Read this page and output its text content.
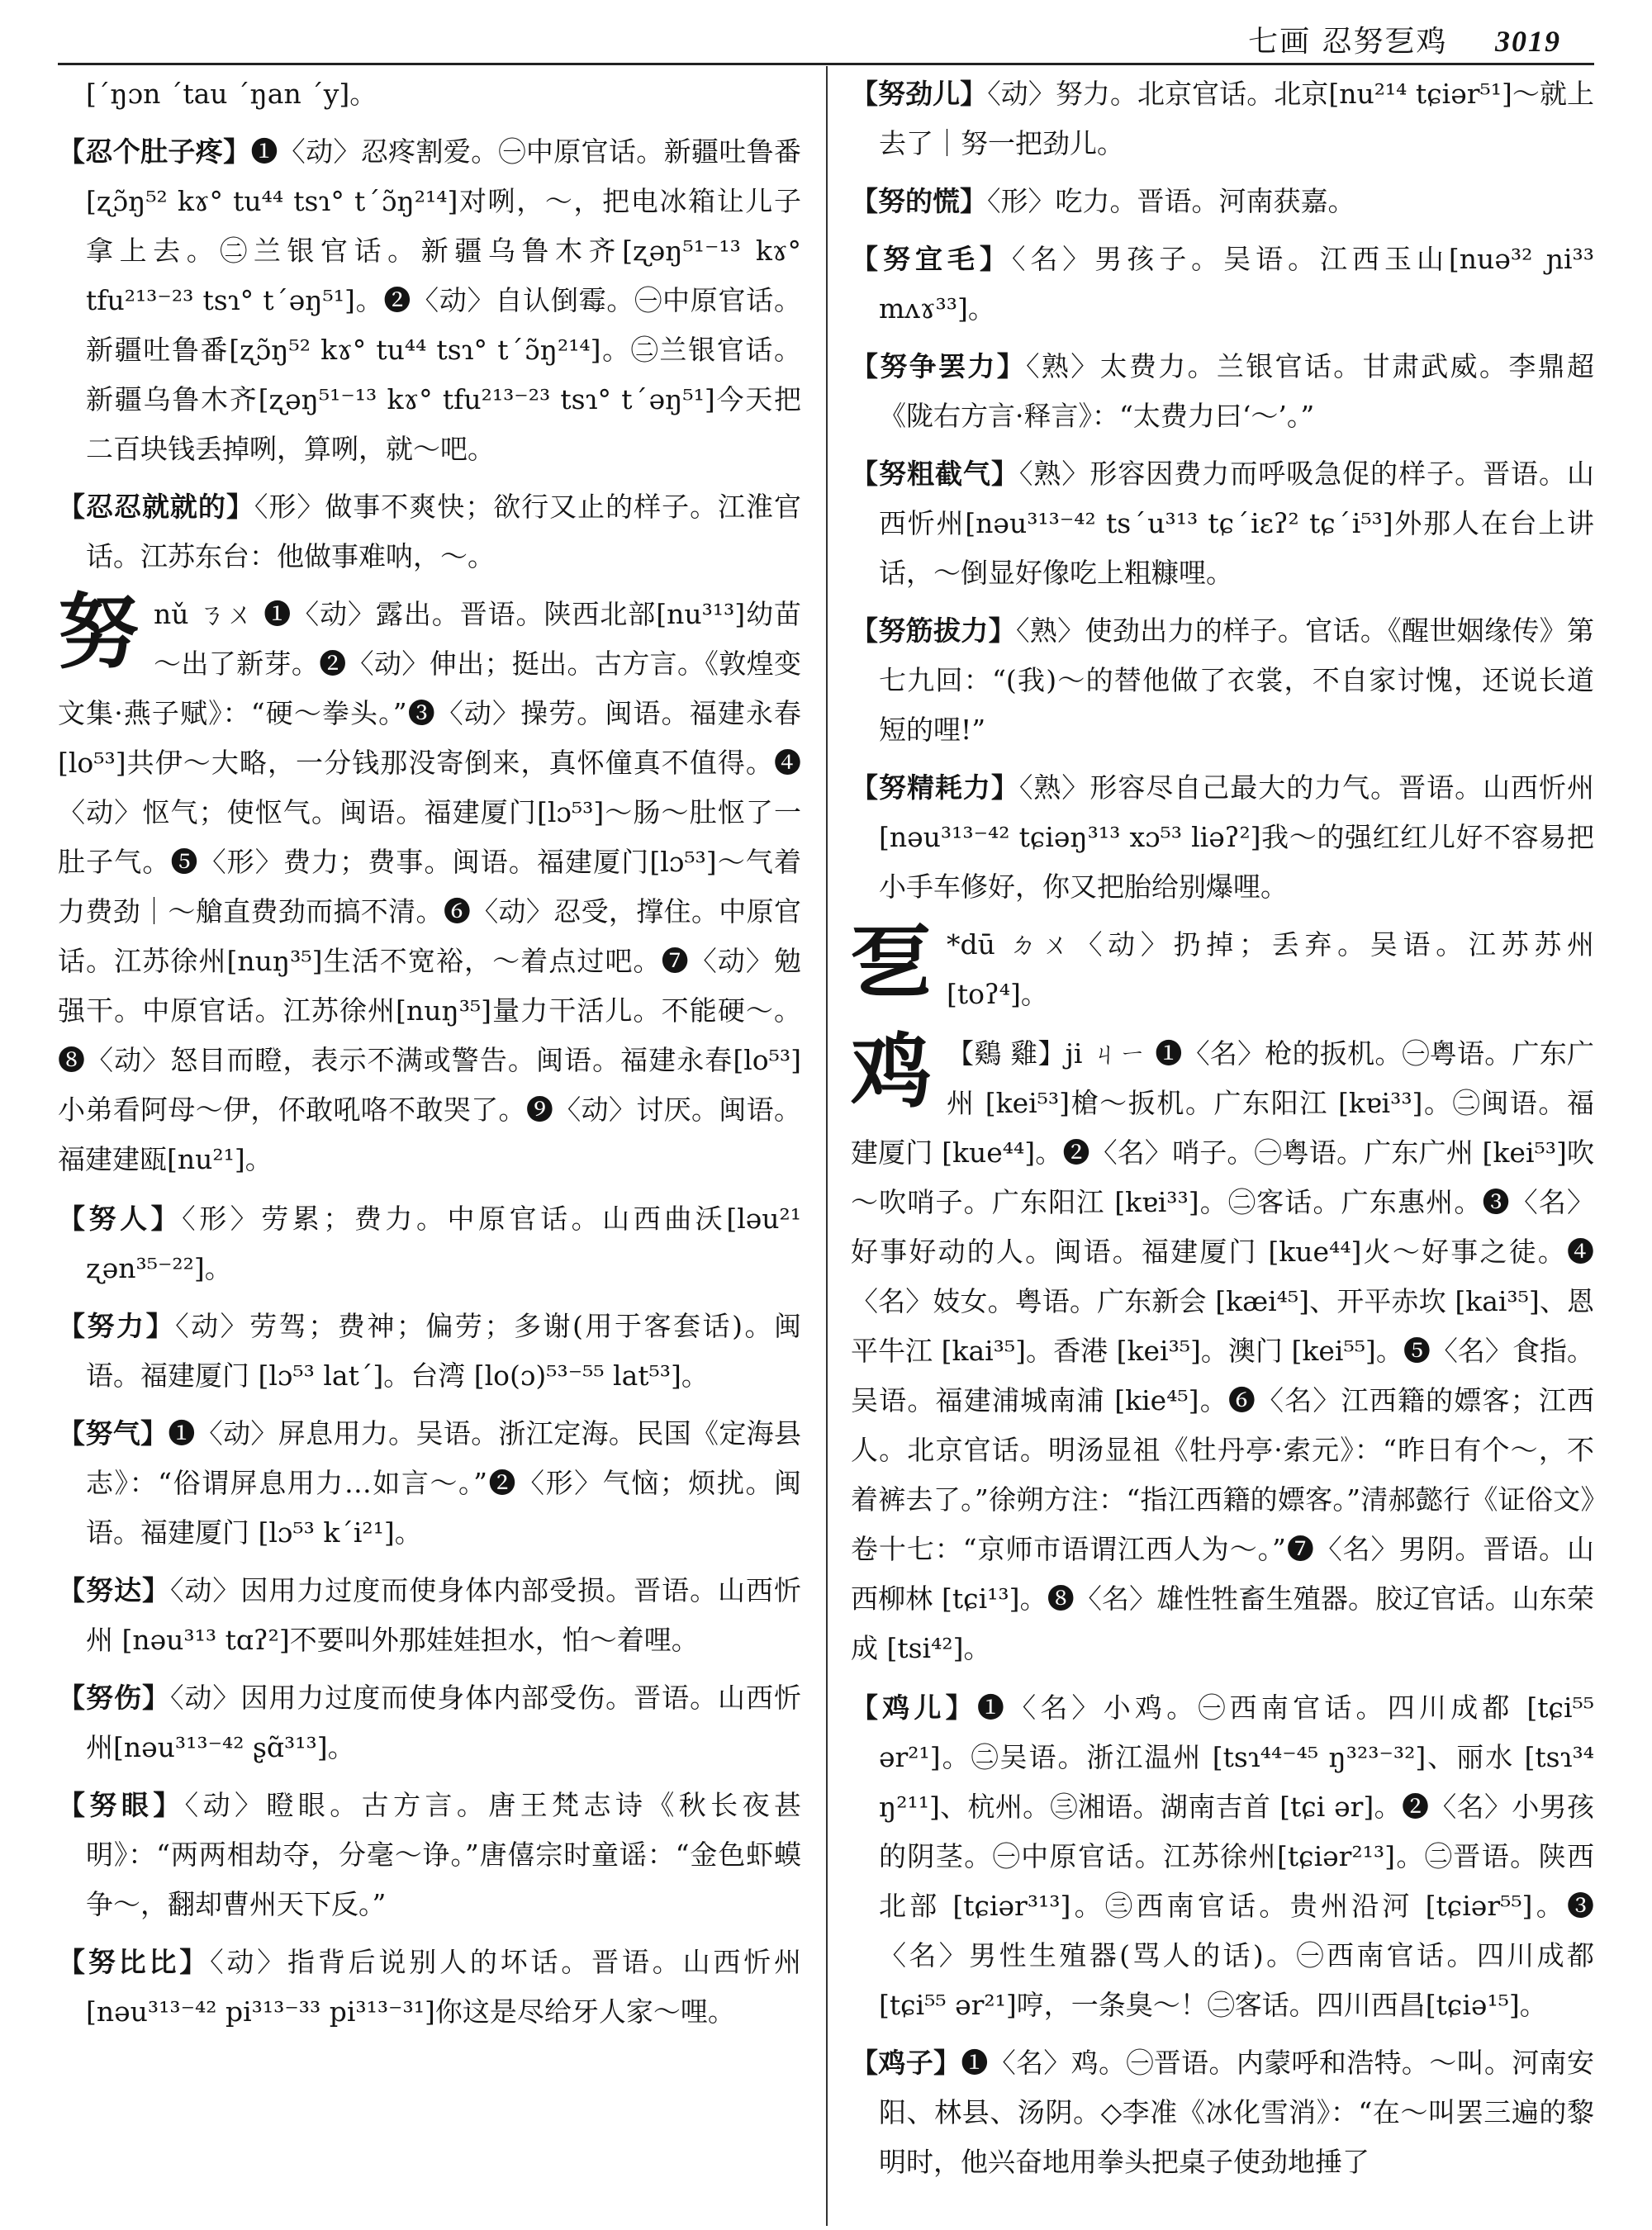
七画 忍努乭鸡 3019

[ˊŋɔn ˊtau ˊŋan ˊy]。

【忍个肚子疼】❶〈动〉忍疼割爱。㊀中原官话。新疆吐鲁番[ʐɔ̃ŋ⁵² kɤ° tu⁴⁴ tsɿ° tˊɔ̃ŋ²¹⁴]对咧，～，把电冰箱让儿子拿上去。㊁兰银官话。新疆乌鲁木齐[ʐəŋ⁵¹⁻¹³ kɤ° tfu²¹³⁻²³ tsɿ° tˊəŋ⁵¹]。❷〈动〉自认倒霉。㊀中原官话。新疆吐鲁番[ʐɔ̃ŋ⁵² kɤ° tu⁴⁴ tsɿ° tˊɔ̃ŋ²¹⁴]。㊁兰银官话。新疆乌鲁木齐[ʐəŋ⁵¹⁻¹³ kɤ° tfu²¹³⁻²³ tsɿ° tˊəŋ⁵¹]今天把二百块钱丢掉咧，算咧，就～吧。

【忍忍就就的】〈形〉做事不爽快；欲行又止的样子。江淮官话。江苏东台：他做事难呐，～。

努 nǔ ㄋㄨ ❶〈动〉露出。晋语。陕西北部[nu³¹³]幼苗～出了新芽。❷〈动〉伸出；挺出。古方言。《敦煌变文集·燕子赋》：“硬～拳头。”❸〈动〉操劳。闽语。福建永春[lo⁵³]共伊～大略，一分钱那没寄倒来，真怀僮真不值得。❹〈动〉怄气；使怄气。闽语。福建厦门[lɔ⁵³]～肠～肚怄了一肚子气。❺〈形〉费力；费事。闽语。福建厦门[lɔ⁵³]～气着力费劲｜～艙直费劲而搞不清。❻〈动〉忍受，撑住。中原官话。江苏徐州[nuŋ³⁵]生活不宽裕，～着点过吧。❼〈动〉勉强干。中原官话。江苏徐州[nuŋ³⁵]量力干活儿。不能硬～。❽〈动〉怒目而瞪，表示不满或警告。闽语。福建永春[lo⁵³]小弟看阿母～伊，伓敢吼咯不敢哭了。❾〈动〉讨厌。闽语。福建建瓯[nu²¹]。

【努人】〈形〉劳累；费力。中原官话。山西曲沃[ləu²¹ ʐən³⁵⁻²²]。

【努力】〈动〉劳驾；费神；偏劳；多谢(用于客套话)。闽语。福建厦门 [lɔ⁵³ latˊ]。台湾 [lo(ɔ)⁵³⁻⁵⁵ lat⁵³]。

【努气】❶〈动〉屏息用力。吴语。浙江定海。民国《定海县志》：“俗谓屏息用力…如言～。”❷〈形〉气恼；烦扰。闽语。福建厦门 [lɔ⁵³ kˊi²¹]。

【努达】〈动〉因用力过度而使身体内部受损。晋语。山西忻州 [nəu³¹³ tɑʔ²]不要叫外那娃娃担水，怕～着哩。

【努伤】〈动〉因用力过度而使身体内部受伤。晋语。山西忻州[nəu³¹³⁻⁴² ʂɑ̃³¹³]。

【努眼】〈动〉瞪眼。古方言。唐王梵志诗《秋长夜甚明》：“两两相劫夺，分毫～诤。”唐僖宗时童谣：“金色虾蟆争～，翻却曹州天下反。”

【努比比】〈动〉指背后说别人的坏话。晋语。山西忻州[nəu³¹³⁻⁴² pi³¹³⁻³³ pi³¹³⁻³¹]你这是尽给牙人家～哩。

【努劲儿】〈动〉努力。北京官话。北京[nu²¹⁴ tɕiər⁵¹]～就上去了｜努一把劲儿。

【努的慌】〈形〉吃力。晋语。河南获嘉。

【努宜毛】〈名〉男孩子。吴语。江西玉山[nuə³² ɲi³³ mʌɤ³³]。

【努争罢力】〈熟〉太费力。兰银官话。甘肃武威。李鼎超《陇右方言·释言》：“太费力曰‘～’。”

【努粗截气】〈熟〉形容因费力而呼吸急促的样子。晋语。山西忻州[nəu³¹³⁻⁴² tsˊu³¹³ tɕˊiɛʔ² tɕˊi⁵³]外那人在台上讲话，～倒显好像吃上粗糠哩。

【努筋拔力】〈熟〉使劲出力的样子。官话。《醒世姻缘传》第七九回：“(我)～的替他做了衣裳，不自家讨愧，还说长道短的哩!”

【努精耗力】〈熟〉形容尽自己最大的力气。晋语。山西忻州[nəu³¹³⁻⁴² tɕiəŋ³¹³ xɔ⁵³ liəʔ²]我～的强红红儿好不容易把小手车修好，你又把胎给别爆哩。

乭 *dū ㄉㄨ〈动〉扔掉；丢弃。吴语。江苏苏州 [toʔ⁴]。
鸡 【鷄 雞】ji ㄐㄧ ❶〈名〉枪的扳机。㊀粤语。广东广州 [kei⁵³]槍～扳机。广东阳江 [kɐi³³]。㊁闽语。福建厦门 [kue⁴⁴]。❷〈名〉哨子。㊀粤语。广东广州 [kei⁵³]吹～吹哨子。广东阳江 [kɐi³³]。㊁客话。广东惠州。❸〈名〉好事好动的人。闽语。福建厦门 [kue⁴⁴]火～好事之徒。❹〈名〉妓女。粤语。广东新会 [kæi⁴⁵]、开平赤坎 [kai³⁵]、恩平牛江 [kai³⁵]。香港 [kei³⁵]。澳门 [kei⁵⁵]。❺〈名〉食指。吴语。福建浦城南浦 [kie⁴⁵]。❻〈名〉江西籍的嫖客；江西人。北京官话。明汤显祖《牡丹亭·索元》：“昨日有个～，不着裤去了。”徐朔方注：“指江西籍的嫖客。”清郝懿行《证俗文》卷十七：“京师市语谓江西人为～。”❼〈名〉男阴。晋语。山西柳林 [tɕi¹³]。❽〈名〉雄性牲畜生殖器。胶辽官话。山东荣成 [tsi⁴²]。

【鸡儿】❶〈名〉小鸡。㊀西南官话。四川成都 [tɕi⁵⁵ ər²¹]。㊁吴语。浙江温州 [tsɿ⁴⁴⁻⁴⁵ ŋ³²³⁻³²]、丽水 [tsɿ³⁴ ŋ²¹¹]、杭州。㊂湘语。湖南吉首 [tɕi ər]。❷〈名〉小男孩的阴茎。㊀中原官话。江苏徐州[tɕiər²¹³]。㊁晋语。陕西北部 [tɕiər³¹³]。㊂西南官话。贵州沿河 [tɕiər⁵⁵]。❸〈名〉男性生殖器(骂人的话)。㊀西南官话。四川成都 [tɕi⁵⁵ ər²¹]哼，一条臭～！㊁客话。四川西昌[tɕiə¹⁵]。

【鸡子】❶〈名〉鸡。㊀晋语。内蒙呼和浩特。～叫。河南安阳、林县、汤阴。◇李准《冰化雪消》：“在～叫罢三遍的黎明时，他兴奋地用拳头把桌子使劲地捶了
